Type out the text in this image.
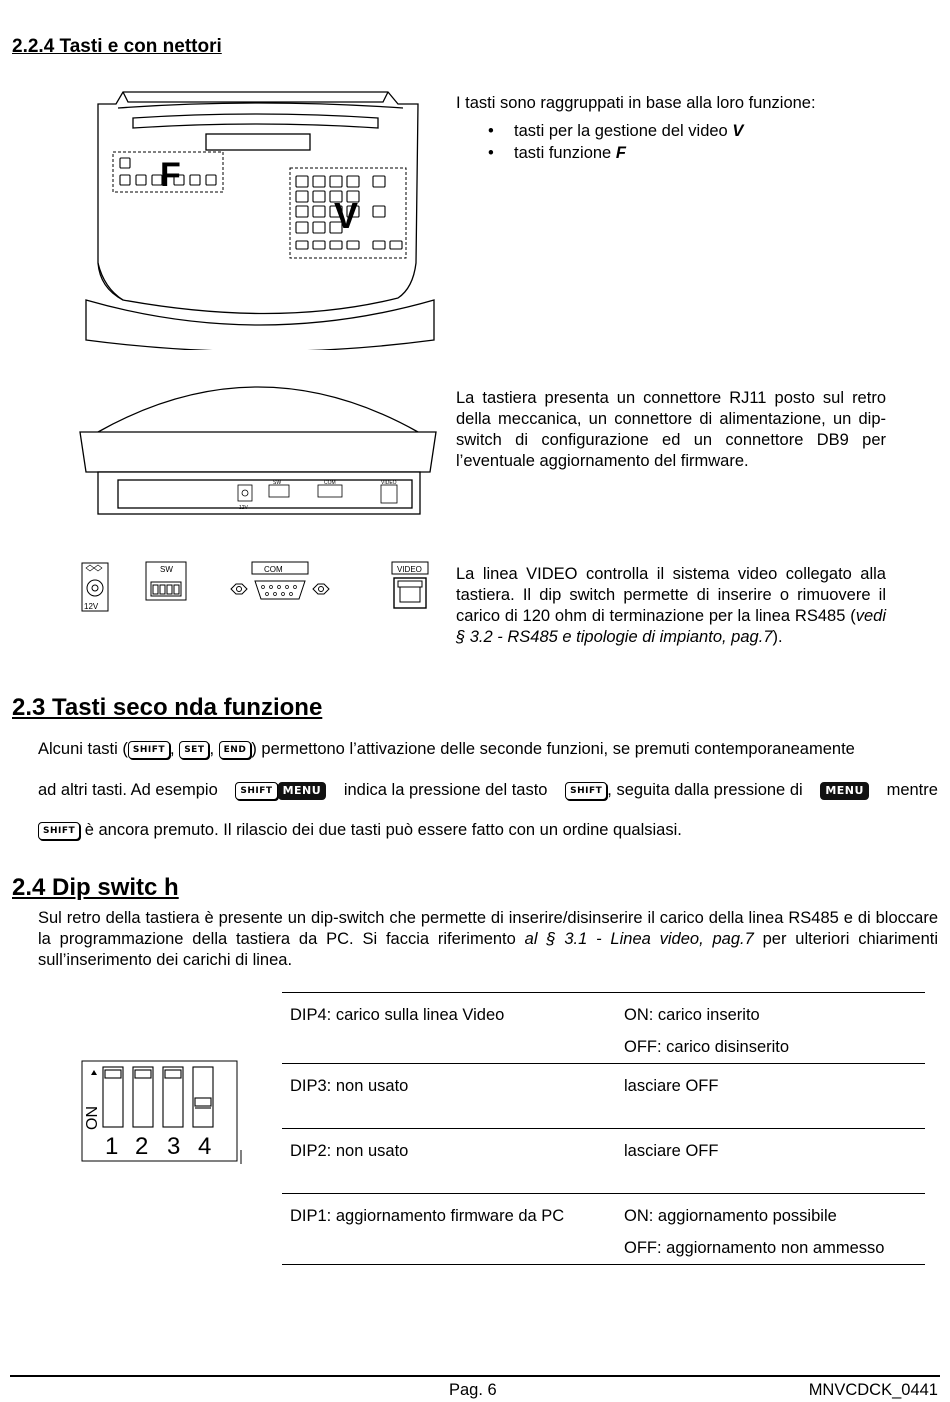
2.2.4 Tasti e con nettori
F
V
I tasti sono raggruppati in base alla loro funzione:
• tasti per la gestione del video V
• tasti funzione F
12V
SW	COM	VIDEO
La tastiera presenta un connettore RJ11 posto sul retro della meccanica, un connettore di alimentazione, un dip-switch di configurazione ed un connettore DB9 per l’eventuale aggiornamento del firmware.
12V
SW	COM	VIDEO La linea VIDEO controlla il sistema video collegato alla tastiera. Il dip switch permette di inserire o rimuovere il carico di 120 ohm di terminazione per la linea RS485 (vedi § 3.2 - RS485 e tipologie di impianto, pag.7).
2.3 Tasti seco nda funzione
Alcuni tasti ( SHIFT , SET , END ) permettono l’attivazione delle seconde funzioni, se premuti contemporaneamente
ad altri tasti. Ad esempio	SHIFT MENU	indica la pressione del tasto	SHIFT , seguita dalla pressione di	MENU	mentre
SHIFT è ancora premuto. Il rilascio dei due tasti può essere fatto con un ordine qualsiasi.
2.4 Dip switc h
Sul retro della tastiera è presente un dip-switch che permette di inserire/disinserire il carico della linea RS485 e di bloccare la programmazione della tastiera da PC. Si faccia riferimento al § 3.1 - Linea video, pag.7 per ulteriori chiarimenti sull’inserimento dei carichi di linea.
ON
1 2 3 4
DIP4: carico sulla linea Video	ON: carico inserito
OFF: carico disinserito

DIP3: non usato	lasciare OFF

DIP2: non usato	lasciare OFF

DIP1: aggiornamento firmware da PC	ON: aggiornamento possibile
OFF: aggiornamento non ammesso
Pag. 6	MNVCDCK_0441
